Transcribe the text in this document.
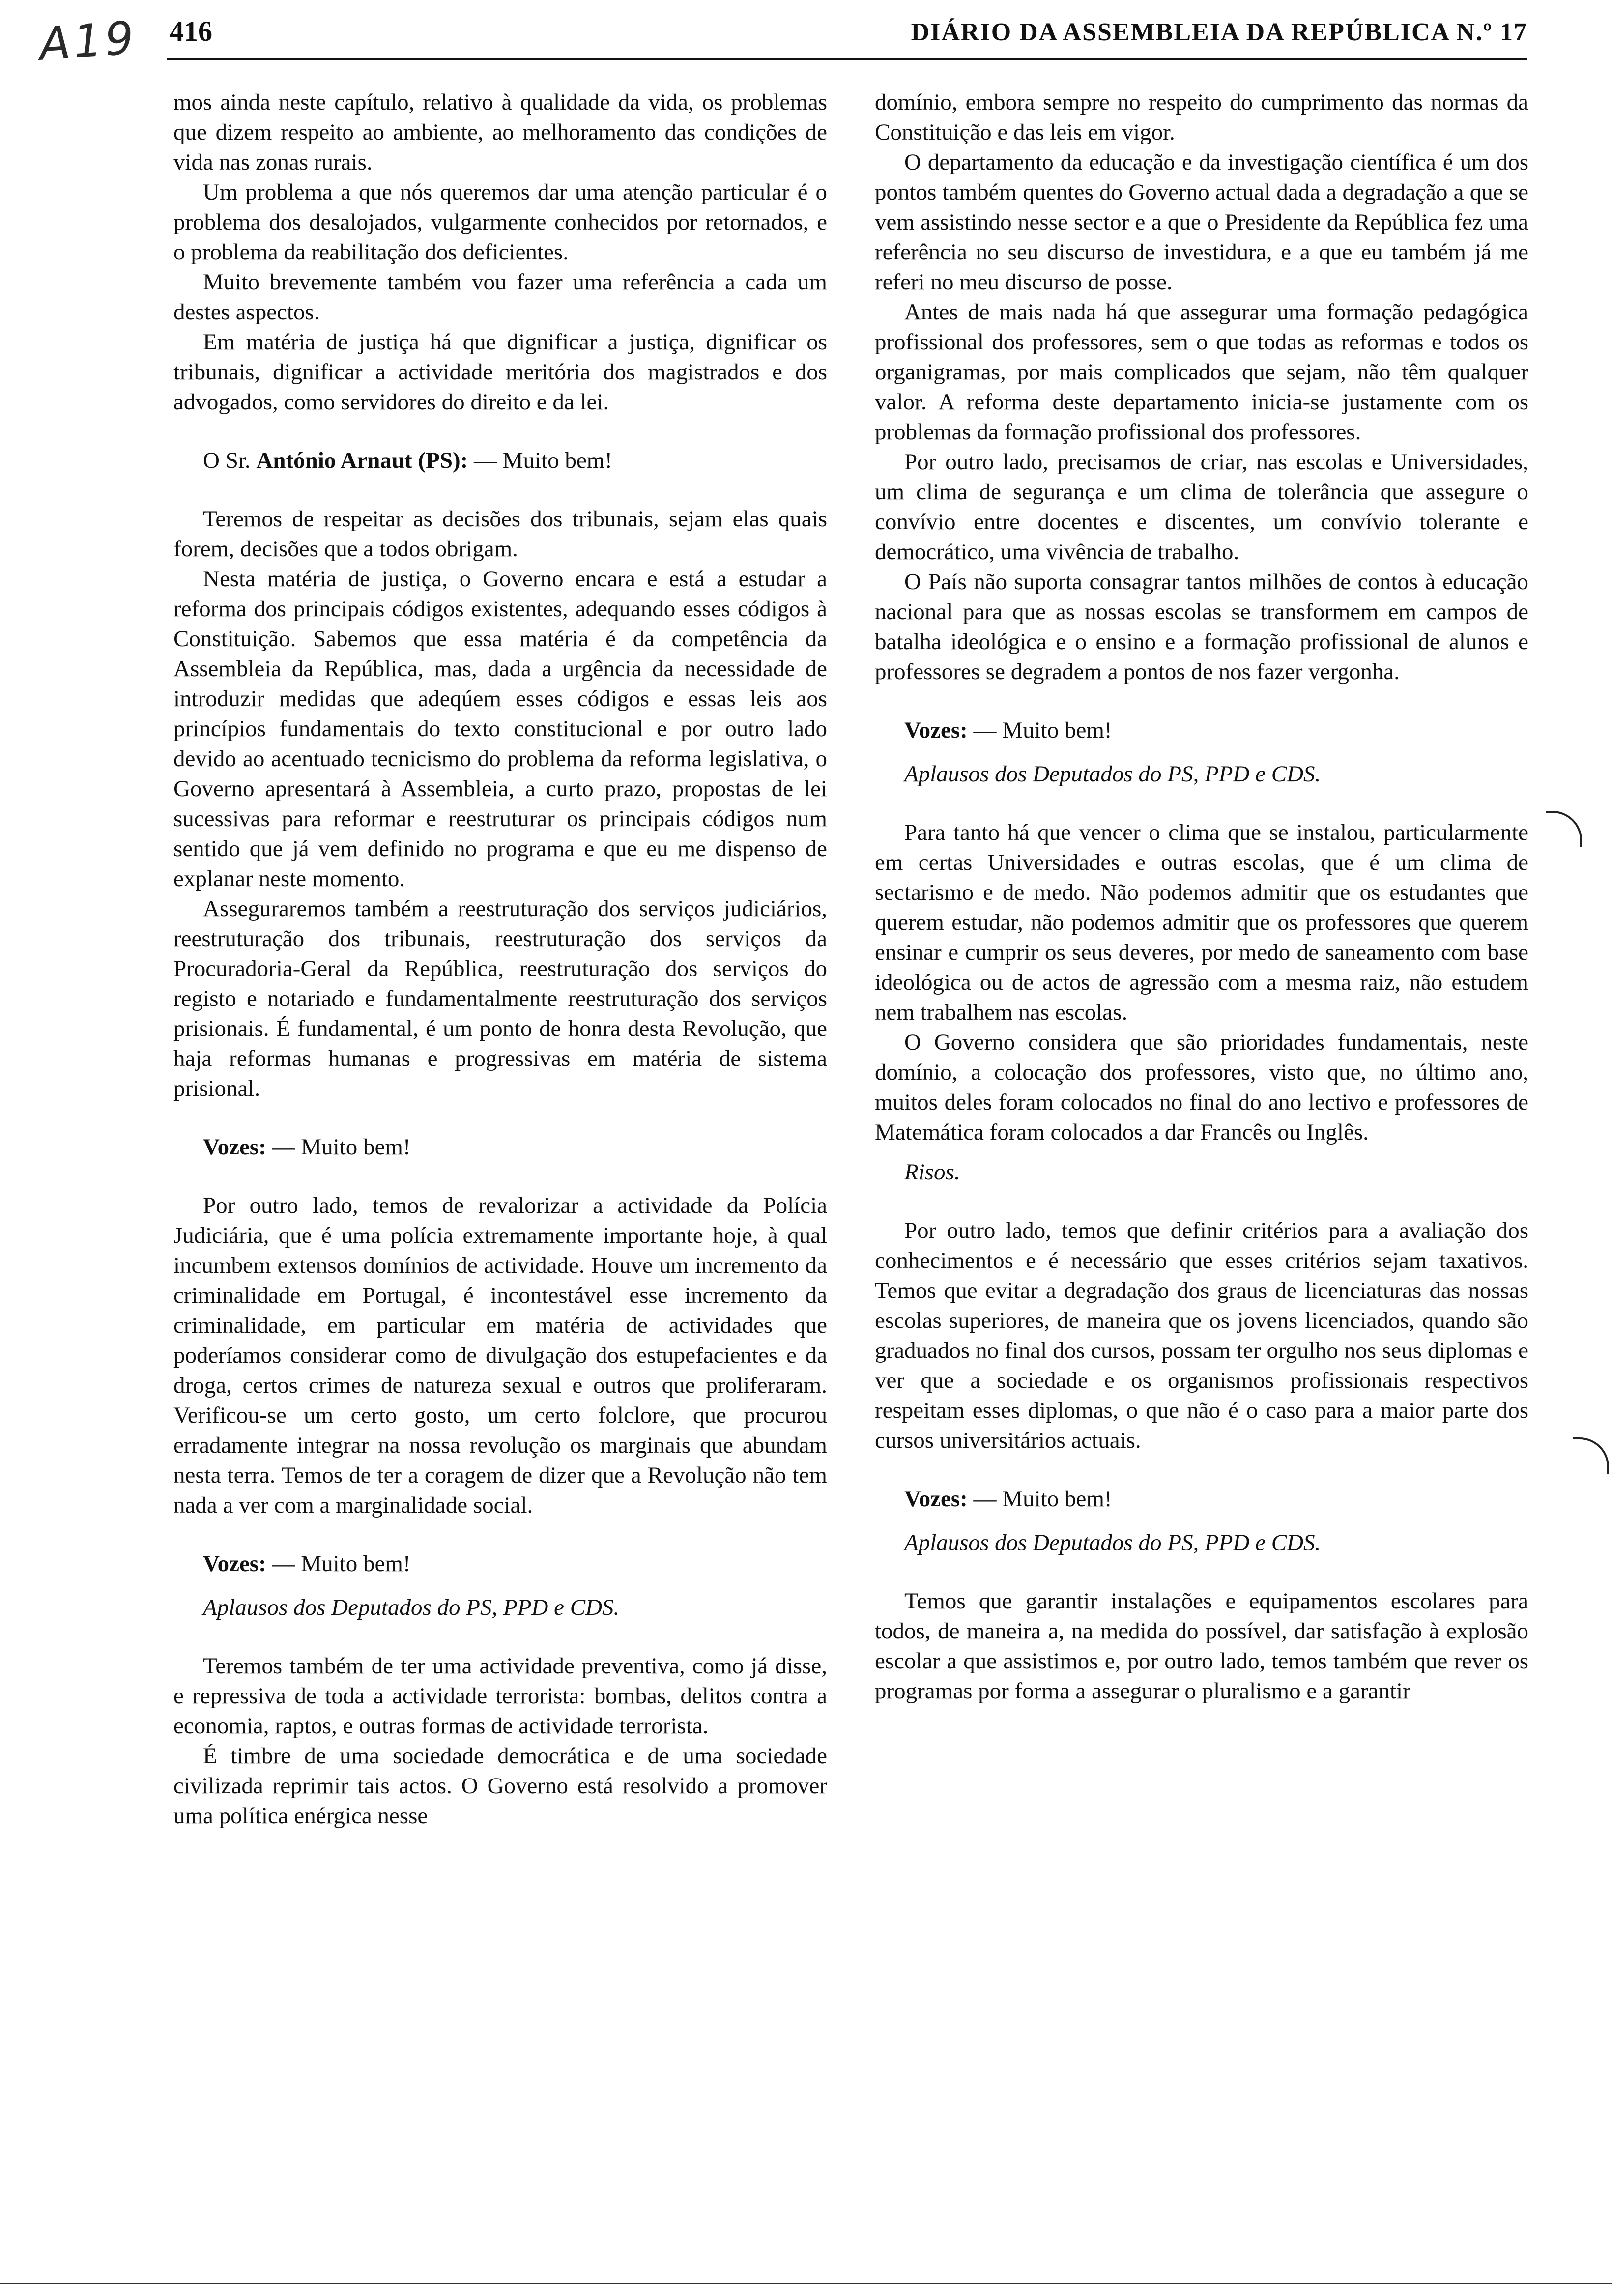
A19 416	DIÁRIO DA ASSEMBLEIA DA REPÚBLICA N.º 17

mos ainda neste capítulo, relativo à qualidade da vida, os problemas que dizem respeito ao ambiente, ao melhoramento das condições de vida nas zonas rurais.

Um problema a que nós queremos dar uma atenção particular é o problema dos desalojados, vulgarmente conhecidos por retornados, e o problema da reabilitação dos deficientes.

Muito brevemente também vou fazer uma referência a cada um destes aspectos.

Em matéria de justiça há que dignificar a justiça, dignificar os tribunais, dignificar a actividade meritória dos magistrados e dos advogados, como servidores do direito e da lei.

O Sr. António Arnaut (PS): — Muito bem!

Teremos de respeitar as decisões dos tribunais, sejam elas quais forem, decisões que a todos obrigam.

Nesta matéria de justiça, o Governo encara e está a estudar a reforma dos principais códigos existentes, adequando esses códigos à Constituição. Sabemos que essa matéria é da competência da Assembleia da República, mas, dada a urgência da necessidade de introduzir medidas que adeqúem esses códigos e essas leis aos princípios fundamentais do texto constitucional e por outro lado devido ao acentuado tecnicismo do problema da reforma legislativa, o Governo apresentará à Assembleia, a curto prazo, propostas de lei sucessivas para reformar e reestruturar os principais códigos num sentido que já vem definido no programa e que eu me dispenso de explanar neste momento.

Asseguraremos também a reestruturação dos serviços judiciários, reestruturação dos tribunais, reestruturação dos serviços da Procuradoria-Geral da República, reestruturação dos serviços do registo e notariado e fundamentalmente reestruturação dos serviços prisionais. É fundamental, é um ponto de honra desta Revolução, que haja reformas humanas e progressivas em matéria de sistema prisional.

Vozes: — Muito bem!

Por outro lado, temos de revalorizar a actividade da Polícia Judiciária, que é uma polícia extremamente importante hoje, à qual incumbem extensos domínios de actividade. Houve um incremento da criminalidade em Portugal, é incontestável esse incremento da criminalidade, em particular em matéria de actividades que poderíamos considerar como de divulgação dos estupefacientes e da droga, certos crimes de natureza sexual e outros que proliferaram. Verificou-se um certo gosto, um certo folclore, que procurou erradamente integrar na nossa revolução os marginais que abundam nesta terra. Temos de ter a coragem de dizer que a Revolução não tem nada a ver com a marginalidade social.

Vozes: — Muito bem!

Aplausos dos Deputados do PS, PPD e CDS.

Teremos também de ter uma actividade preventiva, como já disse, e repressiva de toda a actividade terrorista: bombas, delitos contra a economia, raptos, e outras formas de actividade terrorista.

É timbre de uma sociedade democrática e de uma sociedade civilizada reprimir tais actos. O Governo está resolvido a promover uma política enérgica nesse

domínio, embora sempre no respeito do cumprimento das normas da Constituição e das leis em vigor.

O departamento da educação e da investigação científica é um dos pontos também quentes do Governo actual dada a degradação a que se vem assistindo nesse sector e a que o Presidente da República fez uma referência no seu discurso de investidura, e a que eu também já me referi no meu discurso de posse.

Antes de mais nada há que assegurar uma formação pedagógica profissional dos professores, sem o que todas as reformas e todos os organigramas, por mais complicados que sejam, não têm qualquer valor. A reforma deste departamento inicia-se justamente com os problemas da formação profissional dos professores.

Por outro lado, precisamos de criar, nas escolas e Universidades, um clima de segurança e um clima de tolerância que assegure o convívio entre docentes e discentes, um convívio tolerante e democrático, uma vivência de trabalho.

O País não suporta consagrar tantos milhões de contos à educação nacional para que as nossas escolas se transformem em campos de batalha ideológica e o ensino e a formação profissional de alunos e professores se degradem a pontos de nos fazer vergonha.

Vozes: — Muito bem!

Aplausos dos Deputados do PS, PPD e CDS.

Para tanto há que vencer o clima que se instalou, particularmente em certas Universidades e outras escolas, que é um clima de sectarismo e de medo. Não podemos admitir que os estudantes que querem estudar, não podemos admitir que os professores que querem ensinar e cumprir os seus deveres, por medo de saneamento com base ideológica ou de actos de agressão com a mesma raiz, não estudem nem trabalhem nas escolas.

O Governo considera que são prioridades fundamentais, neste domínio, a colocação dos professores, visto que, no último ano, muitos deles foram colocados no final do ano lectivo e professores de Matemática foram colocados a dar Francês ou Inglês.

Risos.

Por outro lado, temos que definir critérios para a avaliação dos conhecimentos e é necessário que esses critérios sejam taxativos. Temos que evitar a degradação dos graus de licenciaturas das nossas escolas superiores, de maneira que os jovens licenciados, quando são graduados no final dos cursos, possam ter orgulho nos seus diplomas e ver que a sociedade e os organismos profissionais respectivos respeitam esses diplomas, o que não é o caso para a maior parte dos cursos universitários actuais.

Vozes: — Muito bem!

Aplausos dos Deputados do PS, PPD e CDS.

Temos que garantir instalações e equipamentos escolares para todos, de maneira a, na medida do possível, dar satisfação à explosão escolar a que assistimos e, por outro lado, temos também que rever os programas por forma a assegurar o pluralismo e a garantir
